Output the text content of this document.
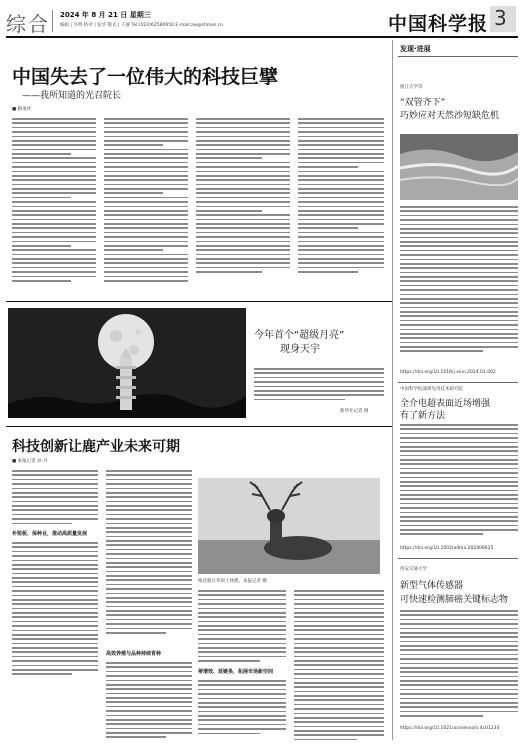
综合 2024 年 8 月 21 日 星期三
编辑 | 李明 校对 | 张华 版式 | 王丽 Tel:(010)62580650 E-mail:zw@stimes.cn	中国科学报 3
中国失去了一位伟大的科技巨擘
——我所知道的光召院长
■ 路甬祥
今年首个“超级月亮”
现身天宇
新华社记者 摄
科技创新让鹿产业未来可期
■ 本报记者 孙 丹
补短板、保种业，推动高质量发展
高效养殖与品种持续育种
梅花鹿在草原上休憩。本报记者 摄
蒂增效、延链条，拓展市场新空间
发现·进展
浙江大学等
“双管齐下”
巧妙应对天然沙短缺危机
https://doi.org/10.1016/j.xinn.2024.01.002
中国科学院深圳先进技术研究院
全介电超表面近场增强
有了新方法
https://doi.org/10.1002/adma.202406625
西安交通大学
新型气体传感器
可快速检测肺癌关键标志物
https://doi.org/10.1021/acssensors.4c01234
